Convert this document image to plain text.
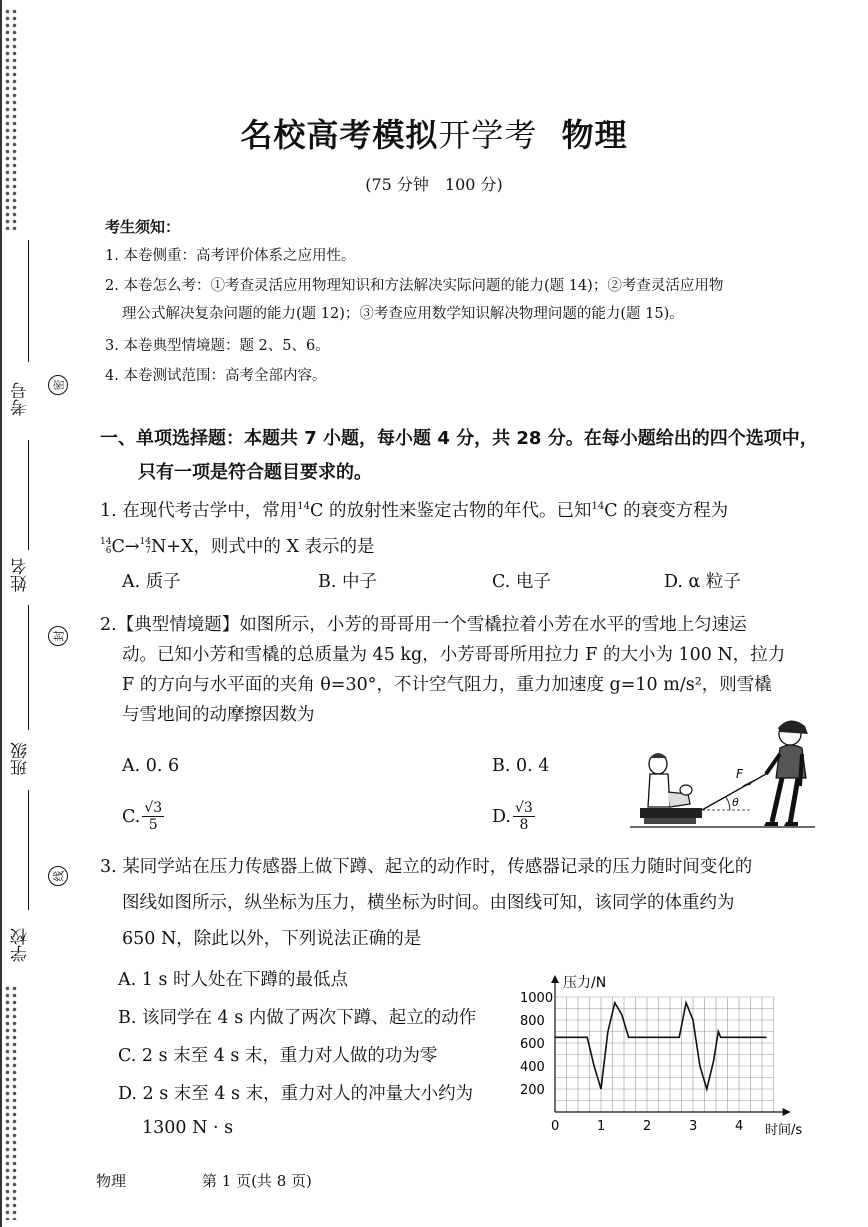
考号
姓名
班级
学校
密
封
线
名校高考模拟开学考 物理
(75 分钟　100 分)
考生须知：
1. 本卷侧重：高考评价体系之应用性。
2. 本卷怎么考：①考查灵活应用物理知识和方法解决实际问题的能力(题 14)；②考查灵活应用物
理公式解决复杂问题的能力(题 12)；③考查应用数学知识解决物理问题的能力(题 15)。
3. 本卷典型情境题：题 2、5、6。
4. 本卷测试范围：高考全部内容。
一、单项选择题：本题共 7 小题，每小题 4 分，共 28 分。在每小题给出的四个选项中，
只有一项是符合题目要求的。
1. 在现代考古学中，常用$^{14}$C 的放射性来鉴定古物的年代。已知$^{14}$C 的衰变方程为
14
6 C→ 14
7 N+X，则式中的 X 表示的是
A. 质子	B. 中子	C. 电子	D. α 粒子
2.【典型情境题】如图所示，小芳的哥哥用一个雪橇拉着小芳在水平的雪地上匀速运
动。已知小芳和雪橇的总质量为 45 kg，小芳哥哥所用拉力 F 的大小为 100 N，拉力
F 的方向与水平面的夹角 θ=30°，不计空气阻力，重力加速度 g=10 m/s²，则雪橇
与雪地间的动摩擦因数为
A. 0. 6	B. 0. 4
C. √3
5	D. √3
8
θ
F
3. 某同学站在压力传感器上做下蹲、起立的动作时，传感器记录的压力随时间变化的
图线如图所示，纵坐标为压力，横坐标为时间。由图线可知，该同学的体重约为
650 N，除此以外，下列说法正确的是
A. 1 s 时人处在下蹲的最低点
B. 该同学在 4 s 内做了两次下蹲、起立的动作
C. 2 s 末至 4 s 末，重力对人做的功为零
D. 2 s 末至 4 s 末，重力对人的冲量大小约为
1300 N · s	0	1	2	3	4
200
400
600
800
1000
压力/N
时间/s
物理	第 1 页(共 8 页)
